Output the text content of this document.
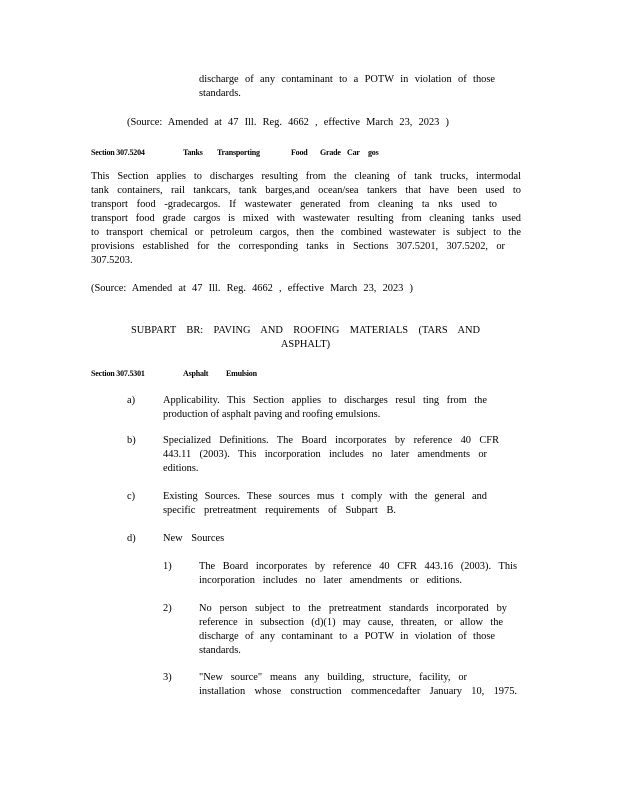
discharge of any contaminant to a POTW in violation of those
standards.
(Source: Amended at 47 Ill. Reg. 4662 , effective March 23, 2023 )
Section 307.5204	Tanks Transporting	Food Grade Car gos
This Section applies to discharges resulting from the cleaning of tank trucks, intermodal
tank containers, rail tankcars, tank barges,and ocean/sea tankers that have been used to
transport food -gradecargos. If wastewater generated from cleaning ta nks used to
transport food grade cargos is mixed with wastewater resulting from cleaning tanks used
to transport chemical or petroleum cargos, then the combined wastewater is subject to the
provisions established for the corresponding tanks in Sections 307.5201, 307.5202, or
307.5203.
(Source: Amended at 47 Ill. Reg. 4662 , effective March 23, 2023 )
SUBPART BR: PAVING AND ROOFING MATERIALS (TARS AND
ASPHALT)
Section 307.5301	Asphalt Emulsion
a)	Applicability. This Section applies to discharges resul ting from the
production of asphalt paving and roofing emulsions.
b)	Specialized Definitions. The Board incorporates by reference 40 CFR
443.11 (2003). This incorporation includes no later amendments or
editions.
c)	Existing Sources. These sources mus t comply with the general and
specific pretreatment requirements of Subpart B.
d)	New Sources
1)	The Board incorporates by reference 40 CFR 443.16 (2003). This
incorporation includes no later amendments or editions.
2)	No person subject to the pretreatment standards incorporated by
reference in subsection (d)(1) may cause, threaten, or allow the
discharge of any contaminant to a POTW in violation of those
standards.
3)	"New source" means any building, structure, facility, or
installation whose construction commencedafter January 10, 1975.
